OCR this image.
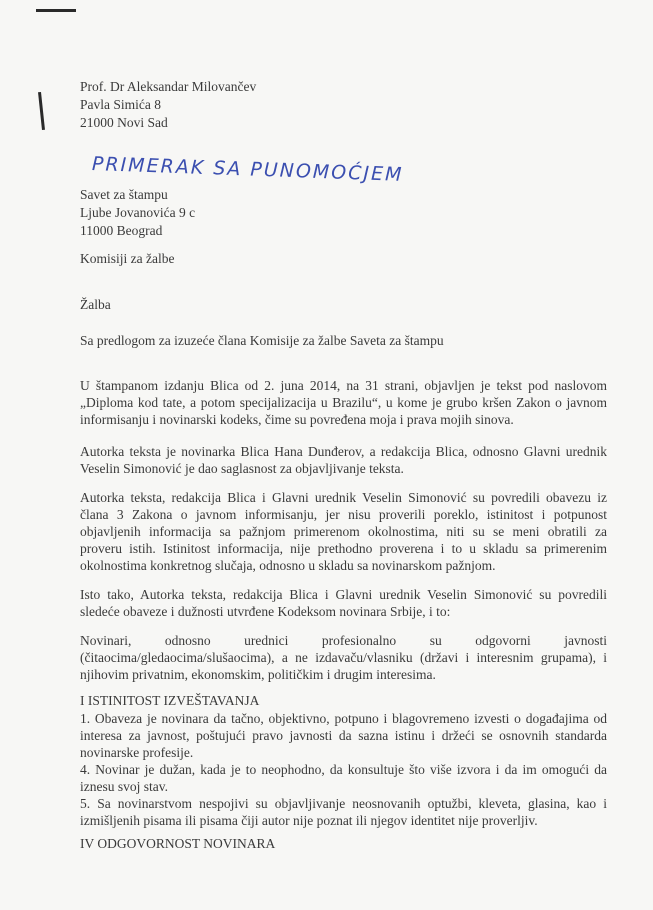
Prof. Dr Aleksandar Milovančev
Pavla Simića 8
21000 Novi Sad
PRIMERAK SA PUNOMOĆJEM
Savet za štampu
Ljube Jovanovića 9 c
11000 Beograd
Komisiji za žalbe
Žalba
Sa predlogom za izuzeće člana Komisije za žalbe Saveta za štampu
U štampanom izdanju Blica od 2. juna 2014, na 31 strani, objavljen je tekst pod naslovom
„Diploma kod tate, a potom specijalizacija u Brazilu“, u kome je grubo kršen Zakon o javnom
informisanju i novinarski kodeks, čime su povređena moja i prava mojih sinova.
Autorka teksta je novinarka Blica Hana Dunđerov, a redakcija Blica, odnosno Glavni urednik
Veselin Simonović je dao saglasnost za objavljivanje teksta.
Autorka teksta, redakcija Blica i Glavni urednik Veselin Simonović su povredili obavezu iz
člana 3 Zakona o javnom informisanju, jer nisu proverili poreklo, istinitost i potpunost
objavljenih informacija sa pažnjom primerenom okolnostima, niti su se meni obratili za
proveru istih. Istinitost informacija, nije prethodno proverena i to u skladu sa primerenim
okolnostima konkretnog slučaja, odnosno u skladu sa novinarskom pažnjom.
Isto tako, Autorka teksta, redakcija Blica i Glavni urednik Veselin Simonović su povredili
sledeće obaveze i dužnosti utvrđene Kodeksom novinara Srbije, i to:
Novinari, odnosno urednici profesionalno su odgovorni javnosti
(čitaocima/gledaocima/slušaocima), a ne izdavaču/vlasniku (državi i interesnim grupama), i
njihovim privatnim, ekonomskim, političkim i drugim interesima.
I ISTINITOST IZVEŠTAVANJA
1. Obaveza je novinara da tačno, objektivno, potpuno i blagovremeno izvesti o događajima od
interesa za javnost, poštujući pravo javnosti da sazna istinu i držeći se osnovnih standarda
novinarske profesije.
4. Novinar je dužan, kada je to neophodno, da konsultuje što više izvora i da im omogući da
iznesu svoj stav.
5. Sa novinarstvom nespojivi su objavljivanje neosnovanih optužbi, kleveta, glasina, kao i
izmišljenih pisama ili pisama čiji autor nije poznat ili njegov identitet nije proverljiv.
IV ODGOVORNOST NOVINARA
